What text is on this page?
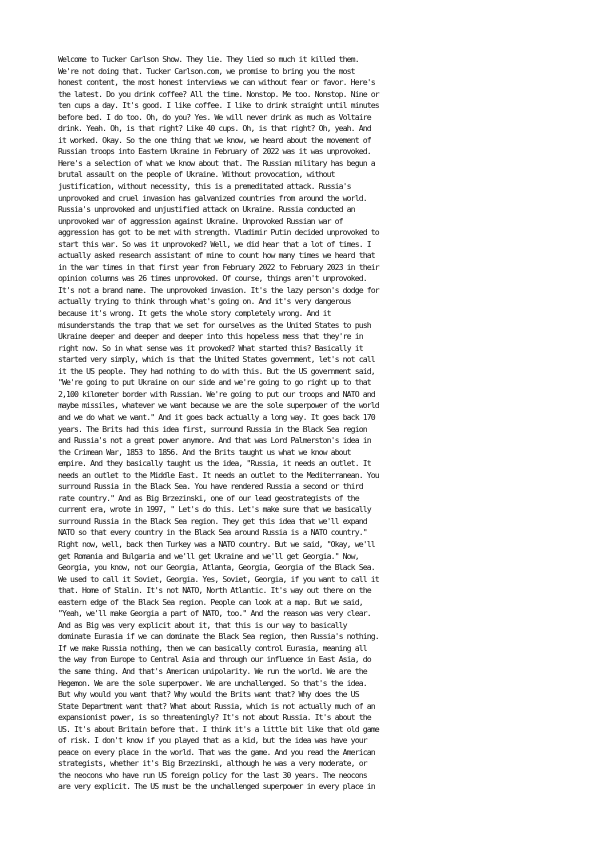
Welcome to Tucker Carlson Show. They lie. They lied so much it killed them.
We're not doing that. Tucker Carlson.com, we promise to bring you the most
honest content, the most honest interviews we can without fear or favor. Here's
the latest. Do you drink coffee? All the time. Nonstop. Me too. Nonstop. Nine or
ten cups a day. It's good. I like coffee. I like to drink straight until minutes
before bed. I do too. Oh, do you? Yes. We will never drink as much as Voltaire
drink. Yeah. Oh, is that right? Like 40 cups. Oh, is that right? Oh, yeah. And
it worked. Okay. So the one thing that we know, we heard about the movement of
Russian troops into Eastern Ukraine in February of 2022 was it was unprovoked.
Here's a selection of what we know about that. The Russian military has begun a
brutal assault on the people of Ukraine. Without provocation, without
justification, without necessity, this is a premeditated attack. Russia's
unprovoked and cruel invasion has galvanized countries from around the world.
Russia's unprovoked and unjustified attack on Ukraine. Russia conducted an
unprovoked war of aggression against Ukraine. Unprovoked Russian war of
aggression has got to be met with strength. Vladimir Putin decided unprovoked to
start this war. So was it unprovoked? Well, we did hear that a lot of times. I
actually asked research assistant of mine to count how many times we heard that
in the war times in that first year from February 2022 to February 2023 in their
opinion columns was 26 times unprovoked. Of course, things aren't unprovoked.
It's not a brand name. The unprovoked invasion. It's the lazy person's dodge for
actually trying to think through what's going on. And it's very dangerous
because it's wrong. It gets the whole story completely wrong. And it
misunderstands the trap that we set for ourselves as the United States to push
Ukraine deeper and deeper and deeper into this hopeless mess that they're in
right now. So in what sense was it provoked? What started this? Basically it
started very simply, which is that the United States government, let's not call
it the US people. They had nothing to do with this. But the US government said,
"We're going to put Ukraine on our side and we're going to go right up to that
2,100 kilometer border with Russian. We're going to put our troops and NATO and
maybe missiles, whatever we want because we are the sole superpower of the world
and we do what we want." And it goes back actually a long way. It goes back 170
years. The Brits had this idea first, surround Russia in the Black Sea region
and Russia's not a great power anymore. And that was Lord Palmerston's idea in
the Crimean War, 1853 to 1856. And the Brits taught us what we know about
empire. And they basically taught us the idea, "Russia, it needs an outlet. It
needs an outlet to the Middle East. It needs an outlet to the Mediterranean. You
surround Russia in the Black Sea. You have rendered Russia a second or third
rate country." And as Big Brzezinski, one of our lead geostrategists of the
current era, wrote in 1997, " Let's do this. Let's make sure that we basically
surround Russia in the Black Sea region. They get this idea that we'll expand
NATO so that every country in the Black Sea around Russia is a NATO country."
Right now, well, back then Turkey was a NATO country. But we said, "Okay, we'll
get Romania and Bulgaria and we'll get Ukraine and we'll get Georgia." Now,
Georgia, you know, not our Georgia, Atlanta, Georgia, Georgia of the Black Sea.
We used to call it Soviet, Georgia. Yes, Soviet, Georgia, if you want to call it
that. Home of Stalin. It's not NATO, North Atlantic. It's way out there on the
eastern edge of the Black Sea region. People can look at a map. But we said,
"Yeah, we'll make Georgia a part of NATO, too." And the reason was very clear.
And as Big was very explicit about it, that this is our way to basically
dominate Eurasia if we can dominate the Black Sea region, then Russia's nothing.
If we make Russia nothing, then we can basically control Eurasia, meaning all
the way from Europe to Central Asia and through our influence in East Asia, do
the same thing. And that's American unipolarity. We run the world. We are the
Hegemon. We are the sole superpower. We are unchallenged. So that's the idea.
But why would you want that? Why would the Brits want that? Why does the US
State Department want that? What about Russia, which is not actually much of an
expansionist power, is so threateningly? It's not about Russia. It's about the
US. It's about Britain before that. I think it's a little bit like that old game
of risk. I don't know if you played that as a kid, but the idea was have your
peace on every place in the world. That was the game. And you read the American
strategists, whether it's Big Brzezinski, although he was a very moderate, or
the neocons who have run US foreign policy for the last 30 years. The neocons
are very explicit. The US must be the unchallenged superpower in every place in
